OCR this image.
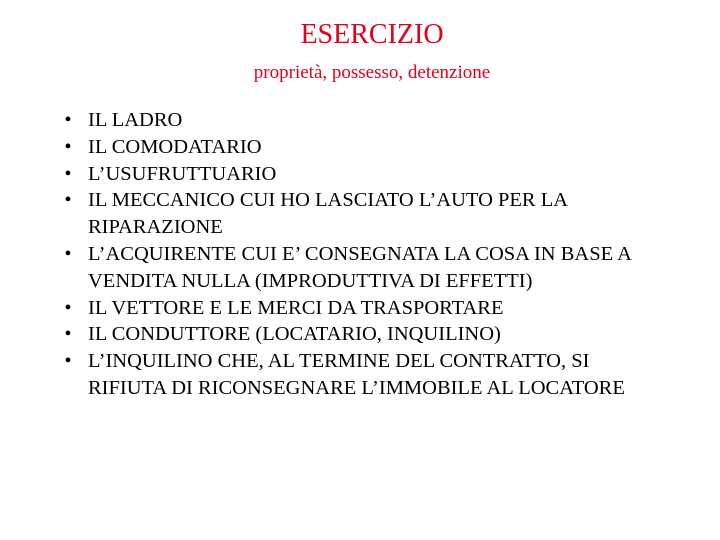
ESERCIZIO
proprietà, possesso, detenzione
• IL LADRO
• IL COMODATARIO
• L’USUFRUTTUARIO
• IL MECCANICO CUI HO LASCIATO L’AUTO PER LA RIPARAZIONE
• L’ACQUIRENTE CUI E’ CONSEGNATA LA COSA IN BASE A VENDITA NULLA (IMPRODUTTIVA DI EFFETTI)
• IL VETTORE E LE MERCI DA TRASPORTARE
• IL CONDUTTORE (LOCATARIO, INQUILINO)
• L’INQUILINO CHE, AL TERMINE DEL CONTRATTO, SI RIFIUTA DI RICONSEGNARE L’IMMOBILE AL LOCATORE
